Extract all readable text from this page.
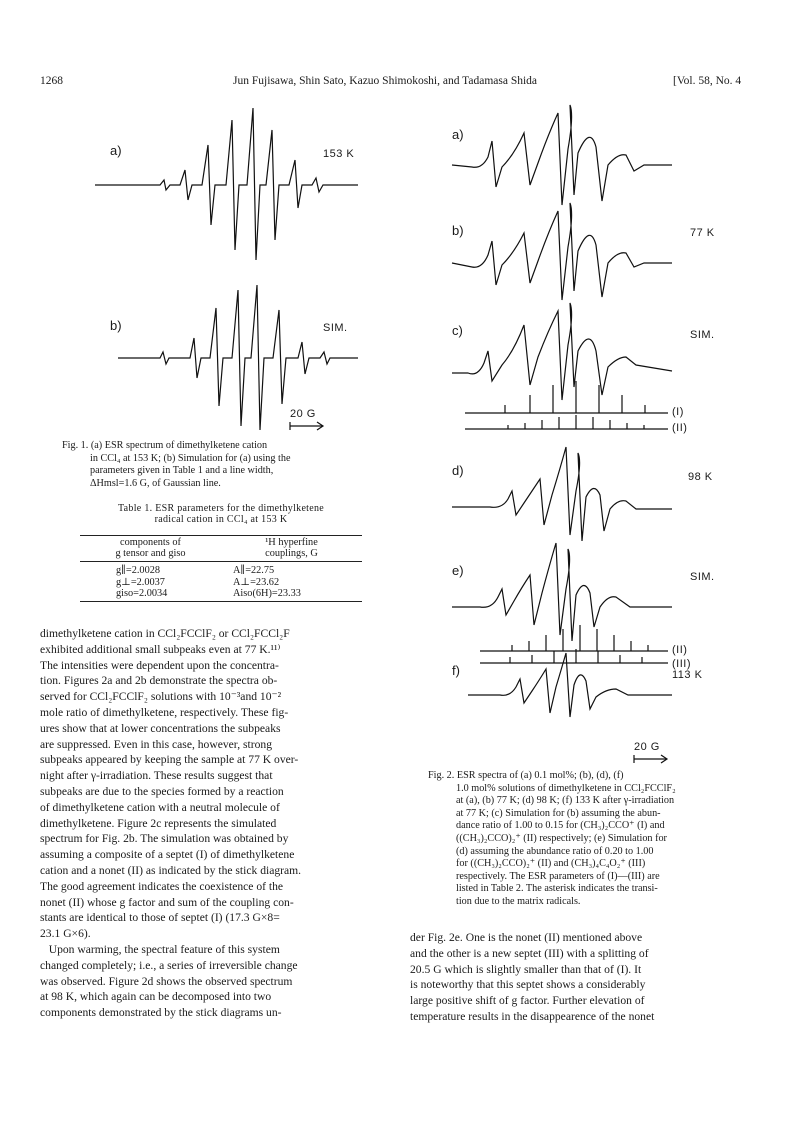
1268	Jun Fujisawa, Shin Sato, Kazuo Shimokoshi, and Tadamasa Shida	[Vol. 58, No. 4
a)	153 K
b)	SIM.
20 G
Fig. 1. (a) ESR spectrum of dimethylketene cation
in CCl₄ at 153 K; (b) Simulation for (a) using the
parameters given in Table 1 and a line width,
ΔHmsl=1.6 G, of Gaussian line.
Table 1. ESR parameters for the dimethylketene
radical cation in CCl₄ at 153 K
components of
g tensor and giso

¹H hyperfine
couplings, G
g∥=2.0028	A∥=22.75
g⊥=2.0037	A⊥=23.62
giso=2.0034	Aiso(6H)=23.33
dimethylketene cation in CCl₂FCClF₂ or CCl₂FCCl₂F
exhibited additional small subpeaks even at 77 K.¹¹⁾
The intensities were dependent upon the concentra-
tion. Figures 2a and 2b demonstrate the spectra ob-
served for CCl₂FCClF₂ solutions with 10⁻³and 10⁻²
mole ratio of dimethylketene, respectively. These fig-
ures show that at lower concentrations the subpeaks
are suppressed. Even in this case, however, strong
subpeaks appeared by keeping the sample at 77 K over-
night after γ-irradiation. These results suggest that
subpeaks are due to the species formed by a reaction
of dimethylketene cation with a neutral molecule of
dimethylketene. Figure 2c represents the simulated
spectrum for Fig. 2b. The simulation was obtained by
assuming a composite of a septet (I) of dimethylketene
cation and a nonet (II) as indicated by the stick diagram.
The good agreement indicates the coexistence of the
nonet (II) whose g factor and sum of the coupling con-
stants are identical to those of septet (I) (17.3 G×8=
23.1 G×6).
Upon warming, the spectral feature of this system
changed completely; i.e., a series of irreversible change
was observed. Figure 2d shows the observed spectrum
at 98 K, which again can be decomposed into two
components demonstrated by the stick diagrams un-
a)
b)	77 K
c)	SIM.
(I)
(II)
d)	98 K
e)	SIM.
(II)
(III)
f)	113 K
20 G
Fig. 2. ESR spectra of (a) 0.1 mol%; (b), (d), (f)
1.0 mol% solutions of dimethylketene in CCl₂FCClF₂
at (a), (b) 77 K; (d) 98 K; (f) 133 K after γ-irradiation
at 77 K; (c) Simulation for (b) assuming the abun-
dance ratio of 1.00 to 0.15 for (CH₃)₂CCO⁺ (I) and
((CH₃)₂CCO)₂⁺ (II) respectively; (e) Simulation for
(d) assuming the abundance ratio of 0.20 to 1.00
for ((CH₃)₂CCO)₂⁺ (II) and (CH₃)₄C₄O₂⁺ (III)
respectively. The ESR parameters of (I)—(III) are
listed in Table 2. The asterisk indicates the transi-
tion due to the matrix radicals.
der Fig. 2e. One is the nonet (II) mentioned above
and the other is a new septet (III) with a splitting of
20.5 G which is slightly smaller than that of (I). It
is noteworthy that this septet shows a considerably
large positive shift of g factor. Further elevation of
temperature results in the disappearence of the nonet
